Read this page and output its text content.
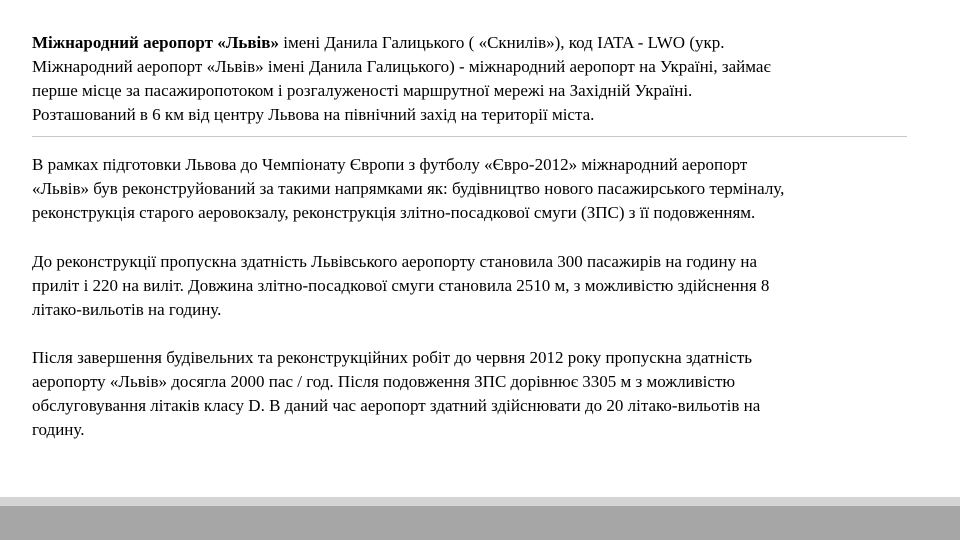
Міжнародний аеропорт «Львів» імені Данила Галицького ( «Скнилів»), код IATA - LWO (укр.
Міжнародний аеропорт «Львів» імені Данила Галицького) - міжнародний аеропорт на Україні, займає
перше місце за пасажиропотоком і розгалуженості маршрутної мережі на Західній Україні.
Розташований в 6 км від центру Львова на північний захід на території міста.

В рамках підготовки Львова до Чемпіонату Європи з футболу «Євро-2012» міжнародний аеропорт
«Львів» був реконструйований за такими напрямками як: будівництво нового пасажирського терміналу,
реконструкція старого аеровокзалу, реконструкція злітно-посадкової смуги (ЗПС) з її подовженням.

До реконструкції пропускна здатність Львівського аеропорту становила 300 пасажирів на годину на
приліт і 220 на виліт. Довжина злітно-посадкової смуги становила 2510 м, з можливістю здійснення 8
літако-вильотів на годину.

Після завершення будівельних та реконструкційних робіт до червня 2012 року пропускна здатність
аеропорту «Львів» досягла 2000 пас / год. Після подовження ЗПС дорівнює 3305 м з можливістю
обслуговування літаків класу D. В даний час аеропорт здатний здійснювати до 20 літако-вильотів на
годину.
